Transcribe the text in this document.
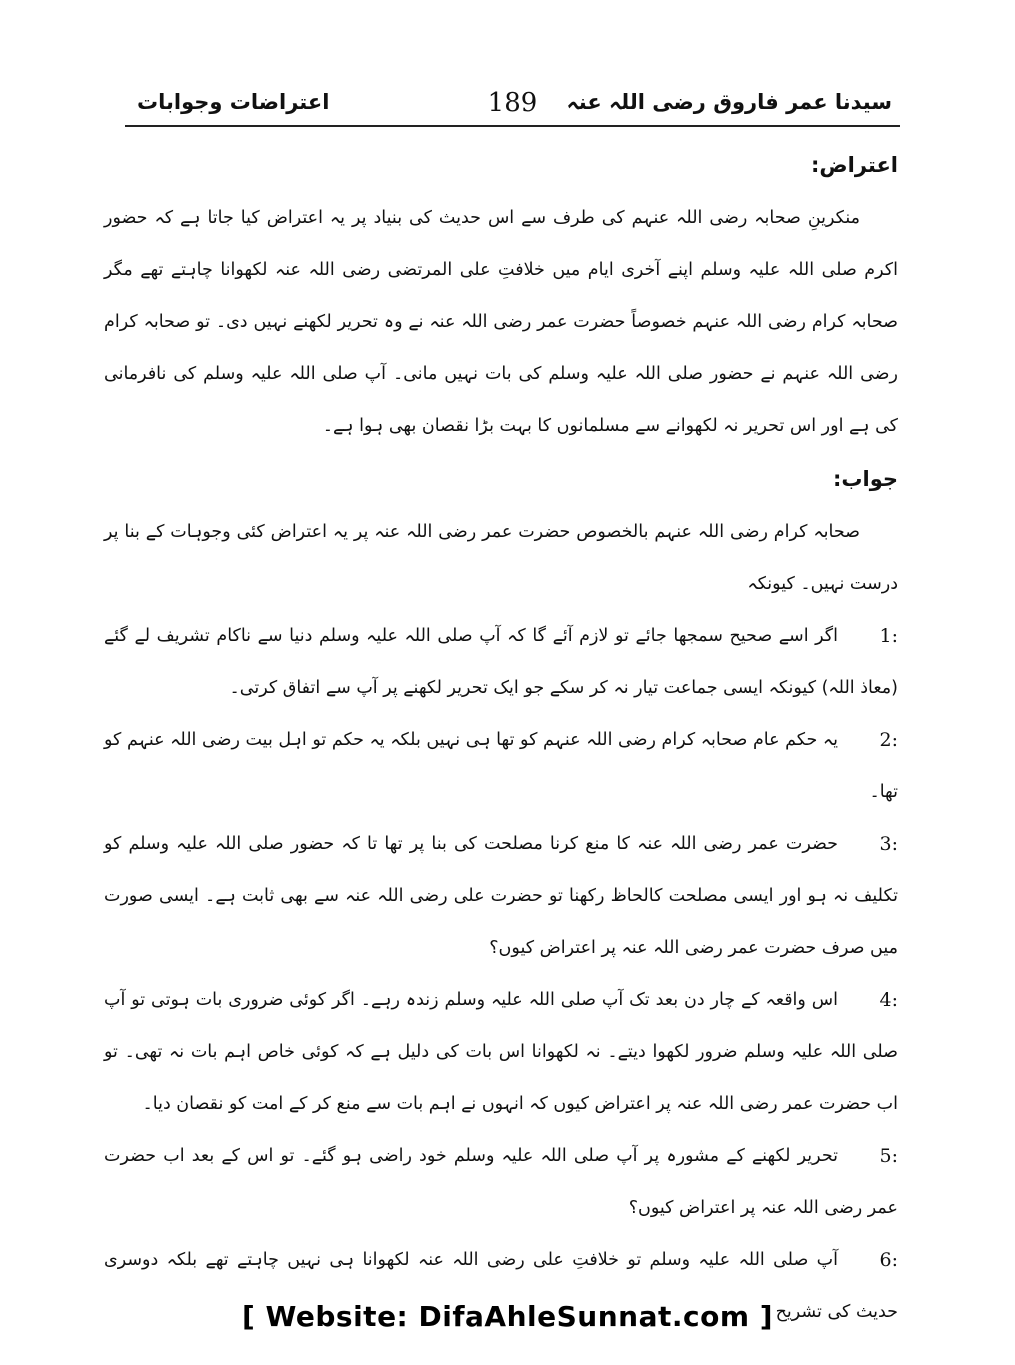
اعتراضات وجوابات	189	سیدنا عمر فاروق رضی اللہ عنہ
اعتراض:

منکرینِ صحابہ رضی اللہ عنہم کی طرف سے اس حدیث کی بنیاد پر یہ اعتراض کیا جاتا ہے کہ حضور اکرم صلی اللہ علیہ وسلم اپنے آخری ایام میں خلافتِ علی المرتضی رضی اللہ عنہ لکھوانا چاہتے تھے مگر صحابہ کرام رضی اللہ عنہم خصوصاً حضرت عمر رضی اللہ عنہ نے وہ تحریر لکھنے نہیں دی۔ تو صحابہ کرام رضی اللہ عنہم نے حضور صلی اللہ علیہ وسلم کی بات نہیں مانی۔ آپ صلی اللہ علیہ وسلم کی نافرمانی کی ہے اور اس تحریر نہ لکھوانے سے مسلمانوں کا بہت بڑا نقصان بھی ہوا ہے۔

جواب:

صحابہ کرام رضی اللہ عنہم بالخصوص حضرت عمر رضی اللہ عنہ پر یہ اعتراض کئی وجوہات کے بنا پر درست نہیں۔ کیونکہ

1:
اگر اسے صحیح سمجھا جائے تو لازم آئے گا کہ آپ صلی اللہ علیہ وسلم دنیا سے ناکام تشریف لے گئے (معاذ اللہ) کیونکہ ایسی جماعت تیار نہ کر سکے جو ایک تحریر لکھنے پر آپ سے اتفاق کرتی۔
2:
یہ حکم عام صحابہ کرام رضی اللہ عنہم کو تھا ہی نہیں بلکہ یہ حکم تو اہل بیت رضی اللہ عنہم کو تھا۔
3:
حضرت عمر رضی اللہ عنہ کا منع کرنا مصلحت کی بنا پر تھا تا کہ حضور صلی اللہ علیہ وسلم کو تکلیف نہ ہو اور ایسی مصلحت کالحاظ رکھنا تو حضرت علی رضی اللہ عنہ سے بھی ثابت ہے۔ ایسی صورت میں صرف حضرت عمر رضی اللہ عنہ پر اعتراض کیوں؟
4:
اس واقعہ کے چار دن بعد تک آپ صلی اللہ علیہ وسلم زندہ رہے۔ اگر کوئی ضروری بات ہوتی تو آپ صلی اللہ علیہ وسلم ضرور لکھوا دیتے۔ نہ لکھوانا اس بات کی دلیل ہے کہ کوئی خاص اہم بات نہ تھی۔ تو اب حضرت عمر رضی اللہ عنہ پر اعتراض کیوں کہ انہوں نے اہم بات سے منع کر کے امت کو نقصان دیا۔
5:
تحریر لکھنے کے مشورہ پر آپ صلی اللہ علیہ وسلم خود راضی ہو گئے۔ تو اس کے بعد اب حضرت عمر رضی اللہ عنہ پر اعتراض کیوں؟
6:
آپ صلی اللہ علیہ وسلم تو خلافتِ علی رضی اللہ عنہ لکھوانا ہی نہیں چاہتے تھے بلکہ دوسری حدیث کی تشریح
[ Website: DifaAhleSunnat.com ]
